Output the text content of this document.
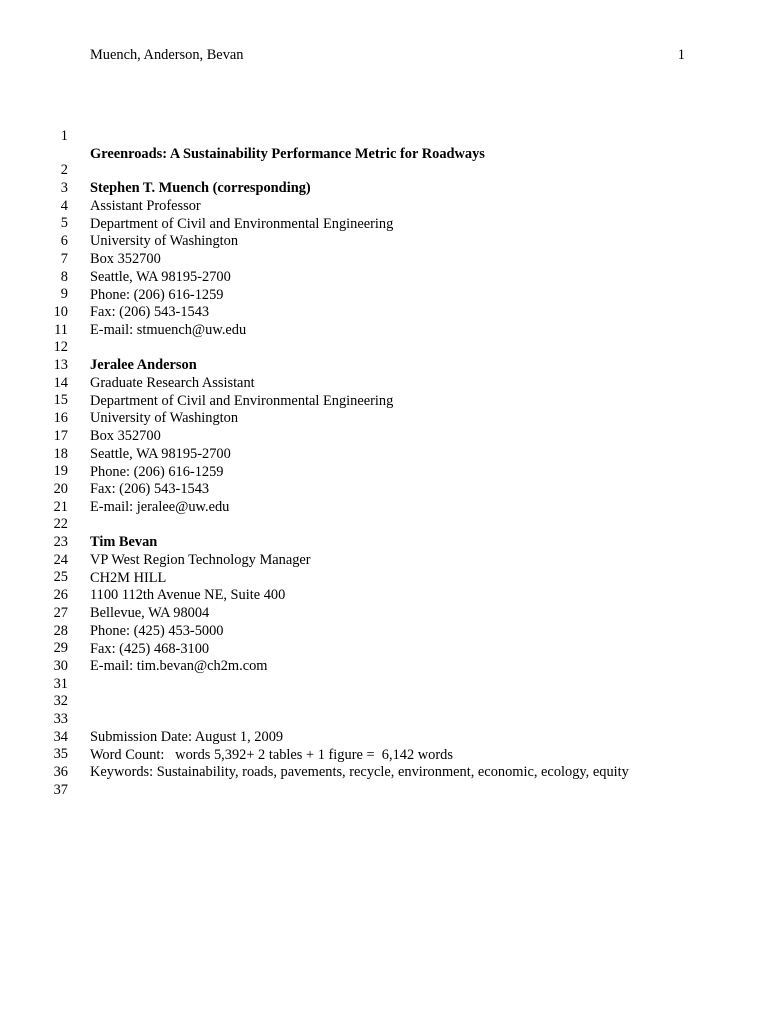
Muench, Anderson, Bevan	1

1

Greenroads: A Sustainability Performance Metric for Roadways

2

Stephen T. Muench (corresponding)

3

Assistant Professor

4

Department of Civil and Environmental Engineering

5

University of Washington

6

Box 352700

7

Seattle, WA 98195-2700

8

Phone: (206) 616-1259

9

Fax: (206) 543-1543

10

E-mail: stmuench@uw.edu

11

12

Jeralee Anderson

13

Graduate Research Assistant

14

Department of Civil and Environmental Engineering

15

University of Washington

16

Box 352700

17

Seattle, WA 98195-2700

18

Phone: (206) 616-1259

19

Fax: (206) 543-1543

20

E-mail: jeralee@uw.edu

21

22

Tim Bevan

23

VP West Region Technology Manager

24

CH2M HILL

25

1100 112th Avenue NE, Suite 400

26

Bellevue, WA 98004

27

Phone: (425) 453-5000

28

Fax: (425) 468-3100

29

E-mail: tim.bevan@ch2m.com

30

31

32

33

Submission Date: August 1, 2009

34

Word Count:   words 5,392+ 2 tables + 1 figure =  6,142 words

35

Keywords: Sustainability, roads, pavements, recycle, environment, economic, ecology, equity

36

37
